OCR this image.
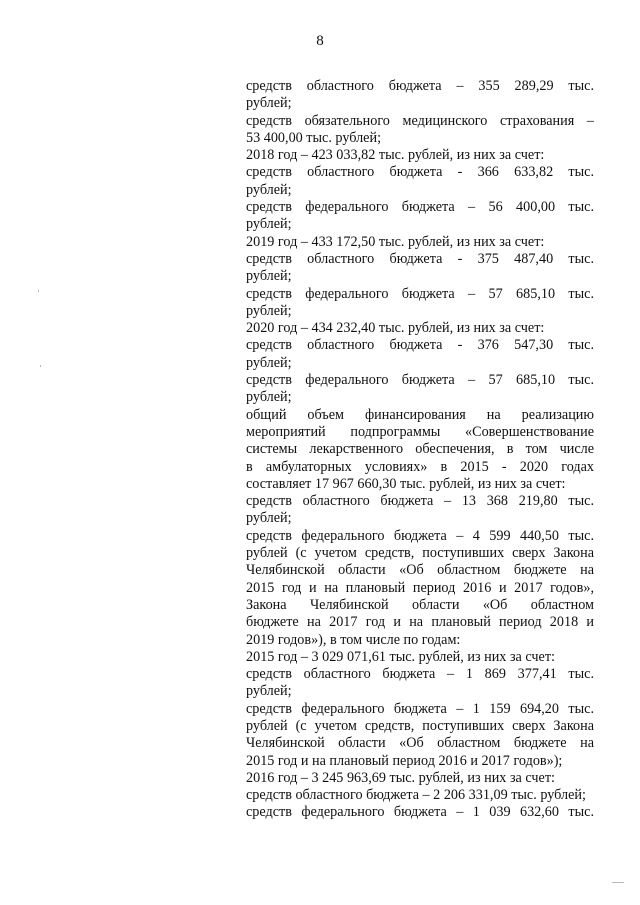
8
средств областного бюджета – 355 289,29 тыс.
рублей;
средств обязательного медицинского страхования –
53 400,00 тыс. рублей;
2018 год – 423 033,82 тыс. рублей, из них за счет:
средств областного бюджета - 366 633,82 тыс.
рублей;
средств федерального бюджета – 56 400,00 тыс.
рублей;
2019 год – 433 172,50 тыс. рублей, из них за счет:
средств областного бюджета - 375 487,40 тыс.
рублей;
средств федерального бюджета – 57 685,10 тыс.
рублей;
2020 год – 434 232,40 тыс. рублей, из них за счет:
средств областного бюджета - 376 547,30 тыс.
рублей;
средств федерального бюджета – 57 685,10 тыс.
рублей;
общий объем финансирования на реализацию
мероприятий подпрограммы «Совершенствование
системы лекарственного обеспечения, в том числе
в амбулаторных условиях» в 2015 - 2020 годах
составляет 17 967 660,30 тыс. рублей, из них за счет:
средств областного бюджета – 13 368 219,80 тыс.
рублей;
средств федерального бюджета – 4 599 440,50 тыс.
рублей (с учетом средств, поступивших сверх Закона
Челябинской области «Об областном бюджете на
2015 год и на плановый период 2016 и 2017 годов»,
Закона Челябинской области «Об областном
бюджете на 2017 год и на плановый период 2018 и
2019 годов»), в том числе по годам:
2015 год – 3 029 071,61 тыс. рублей, из них за счет:
средств областного бюджета – 1 869 377,41 тыс.
рублей;
средств федерального бюджета – 1 159 694,20 тыс.
рублей (с учетом средств, поступивших сверх Закона
Челябинской области «Об областном бюджете на
2015 год и на плановый период 2016 и 2017 годов»);
2016 год – 3 245 963,69 тыс. рублей, из них за счет:
средств областного бюджета – 2 206 331,09 тыс. рублей;
средств федерального бюджета – 1 039 632,60 тыс.
